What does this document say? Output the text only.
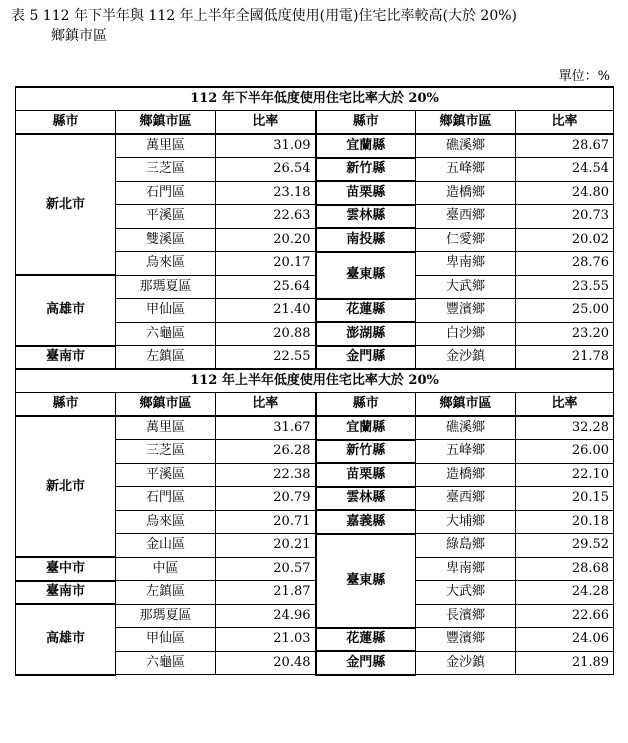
表 5 112 年下半年與 112 年上半年全國低度使用(用電)住宅比率較高(大於 20%)
鄉鎮市區
單位：%
112 年下半年低度使用住宅比率大於 20%					
縣市	鄉鎮市區	比率	縣市	鄉鎮市區	比率
新北市	萬里區	31.09	宜蘭縣	礁溪鄉	28.67
	三芝區	26.54	新竹縣	五峰鄉	24.54
	石門區	23.18	苗栗縣	造橋鄉	24.80
	平溪區	22.63	雲林縣	臺西鄉	20.73
	雙溪區	20.20	南投縣	仁愛鄉	20.02
	烏來區	20.17	臺東縣	卑南鄉	28.76
高雄市	那瑪夏區	25.64		大武鄉	23.55
	甲仙區	21.40	花蓮縣	豐濱鄉	25.00
	六龜區	20.88	澎湖縣	白沙鄉	23.20
臺南市	左鎮區	22.55	金門縣	金沙鎮	21.78
112 年上半年低度使用住宅比率大於 20%					
縣市	鄉鎮市區	比率	縣市	鄉鎮市區	比率
新北市	萬里區	31.67	宜蘭縣	礁溪鄉	32.28
	三芝區	26.28	新竹縣	五峰鄉	26.00
	平溪區	22.38	苗栗縣	造橋鄉	22.10
	石門區	20.79	雲林縣	臺西鄉	20.15
	烏來區	20.71	嘉義縣	大埔鄉	20.18
	金山區	20.21	臺東縣	綠島鄉	29.52
臺中市	中區	20.57		卑南鄉	28.68
臺南市	左鎮區	21.87		大武鄉	24.28
高雄市	那瑪夏區	24.96		長濱鄉	22.66
	甲仙區	21.03	花蓮縣	豐濱鄉	24.06
	六龜區	20.48	金門縣	金沙鎮	21.89
